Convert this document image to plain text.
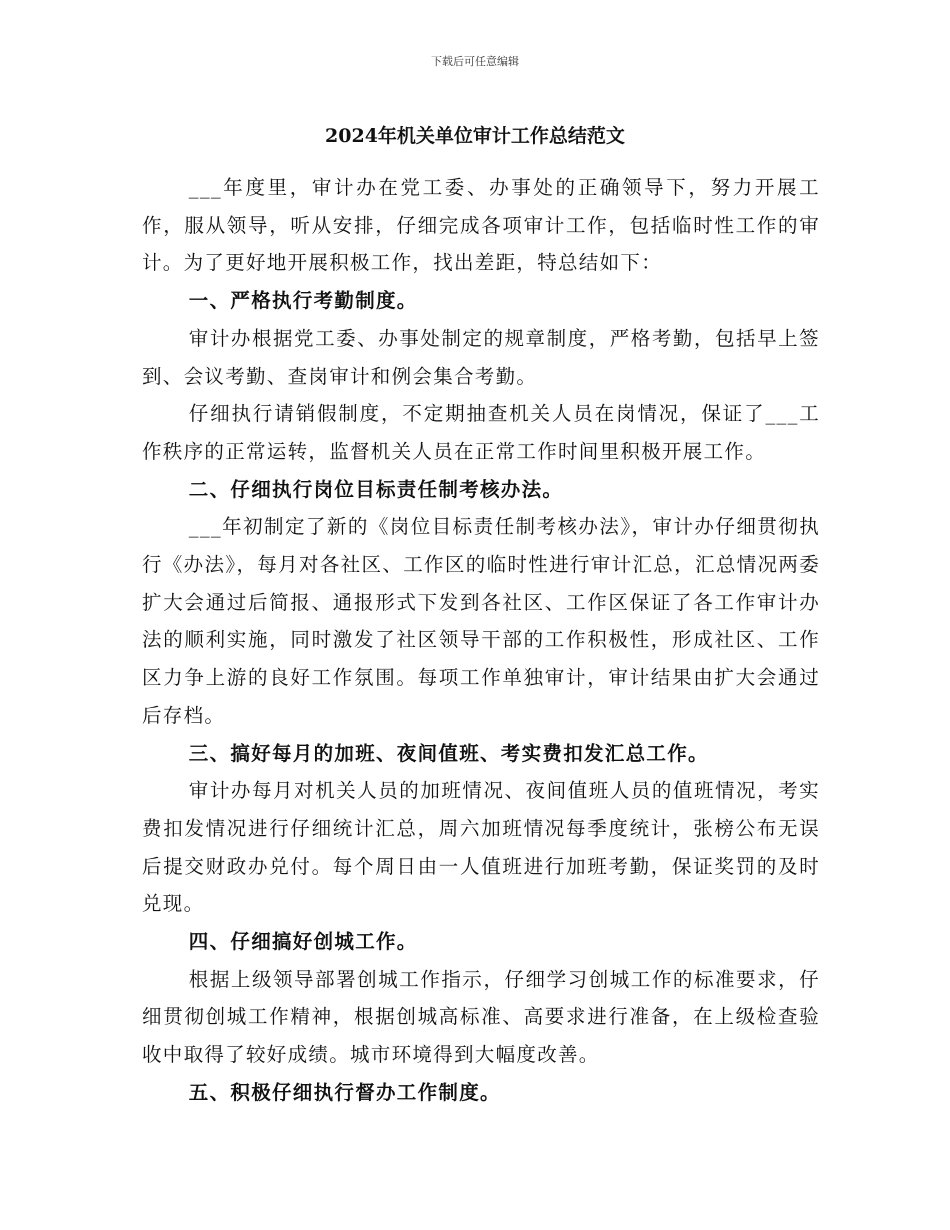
下载后可任意编辑
2024年机关单位审计工作总结范文

___年度里，审计办在党工委、办事处的正确领导下，努力开展工作，服从领导，听从安排，仔细完成各项审计工作，包括临时性工作的审计。为了更好地开展积极工作，找出差距，特总结如下：

一、严格执行考勤制度。

审计办根据党工委、办事处制定的规章制度，严格考勤，包括早上签到、会议考勤、查岗审计和例会集合考勤。

仔细执行请销假制度，不定期抽查机关人员在岗情况，保证了___工作秩序的正常运转，监督机关人员在正常工作时间里积极开展工作。

二、仔细执行岗位目标责任制考核办法。

___年初制定了新的《岗位目标责任制考核办法》，审计办仔细贯彻执行《办法》，每月对各社区、工作区的临时性进行审计汇总，汇总情况两委扩大会通过后简报、通报形式下发到各社区、工作区保证了各工作审计办法的顺利实施，同时激发了社区领导干部的工作积极性，形成社区、工作区力争上游的良好工作氛围。每项工作单独审计，审计结果由扩大会通过后存档。

三、搞好每月的加班、夜间值班、考实费扣发汇总工作。

审计办每月对机关人员的加班情况、夜间值班人员的值班情况，考实费扣发情况进行仔细统计汇总，周六加班情况每季度统计，张榜公布无误后提交财政办兑付。每个周日由一人值班进行加班考勤，保证奖罚的及时兑现。

四、仔细搞好创城工作。

根据上级领导部署创城工作指示，仔细学习创城工作的标准要求，仔细贯彻创城工作精神，根据创城高标准、高要求进行准备，在上级检查验收中取得了较好成绩。城市环境得到大幅度改善。

五、积极仔细执行督办工作制度。
